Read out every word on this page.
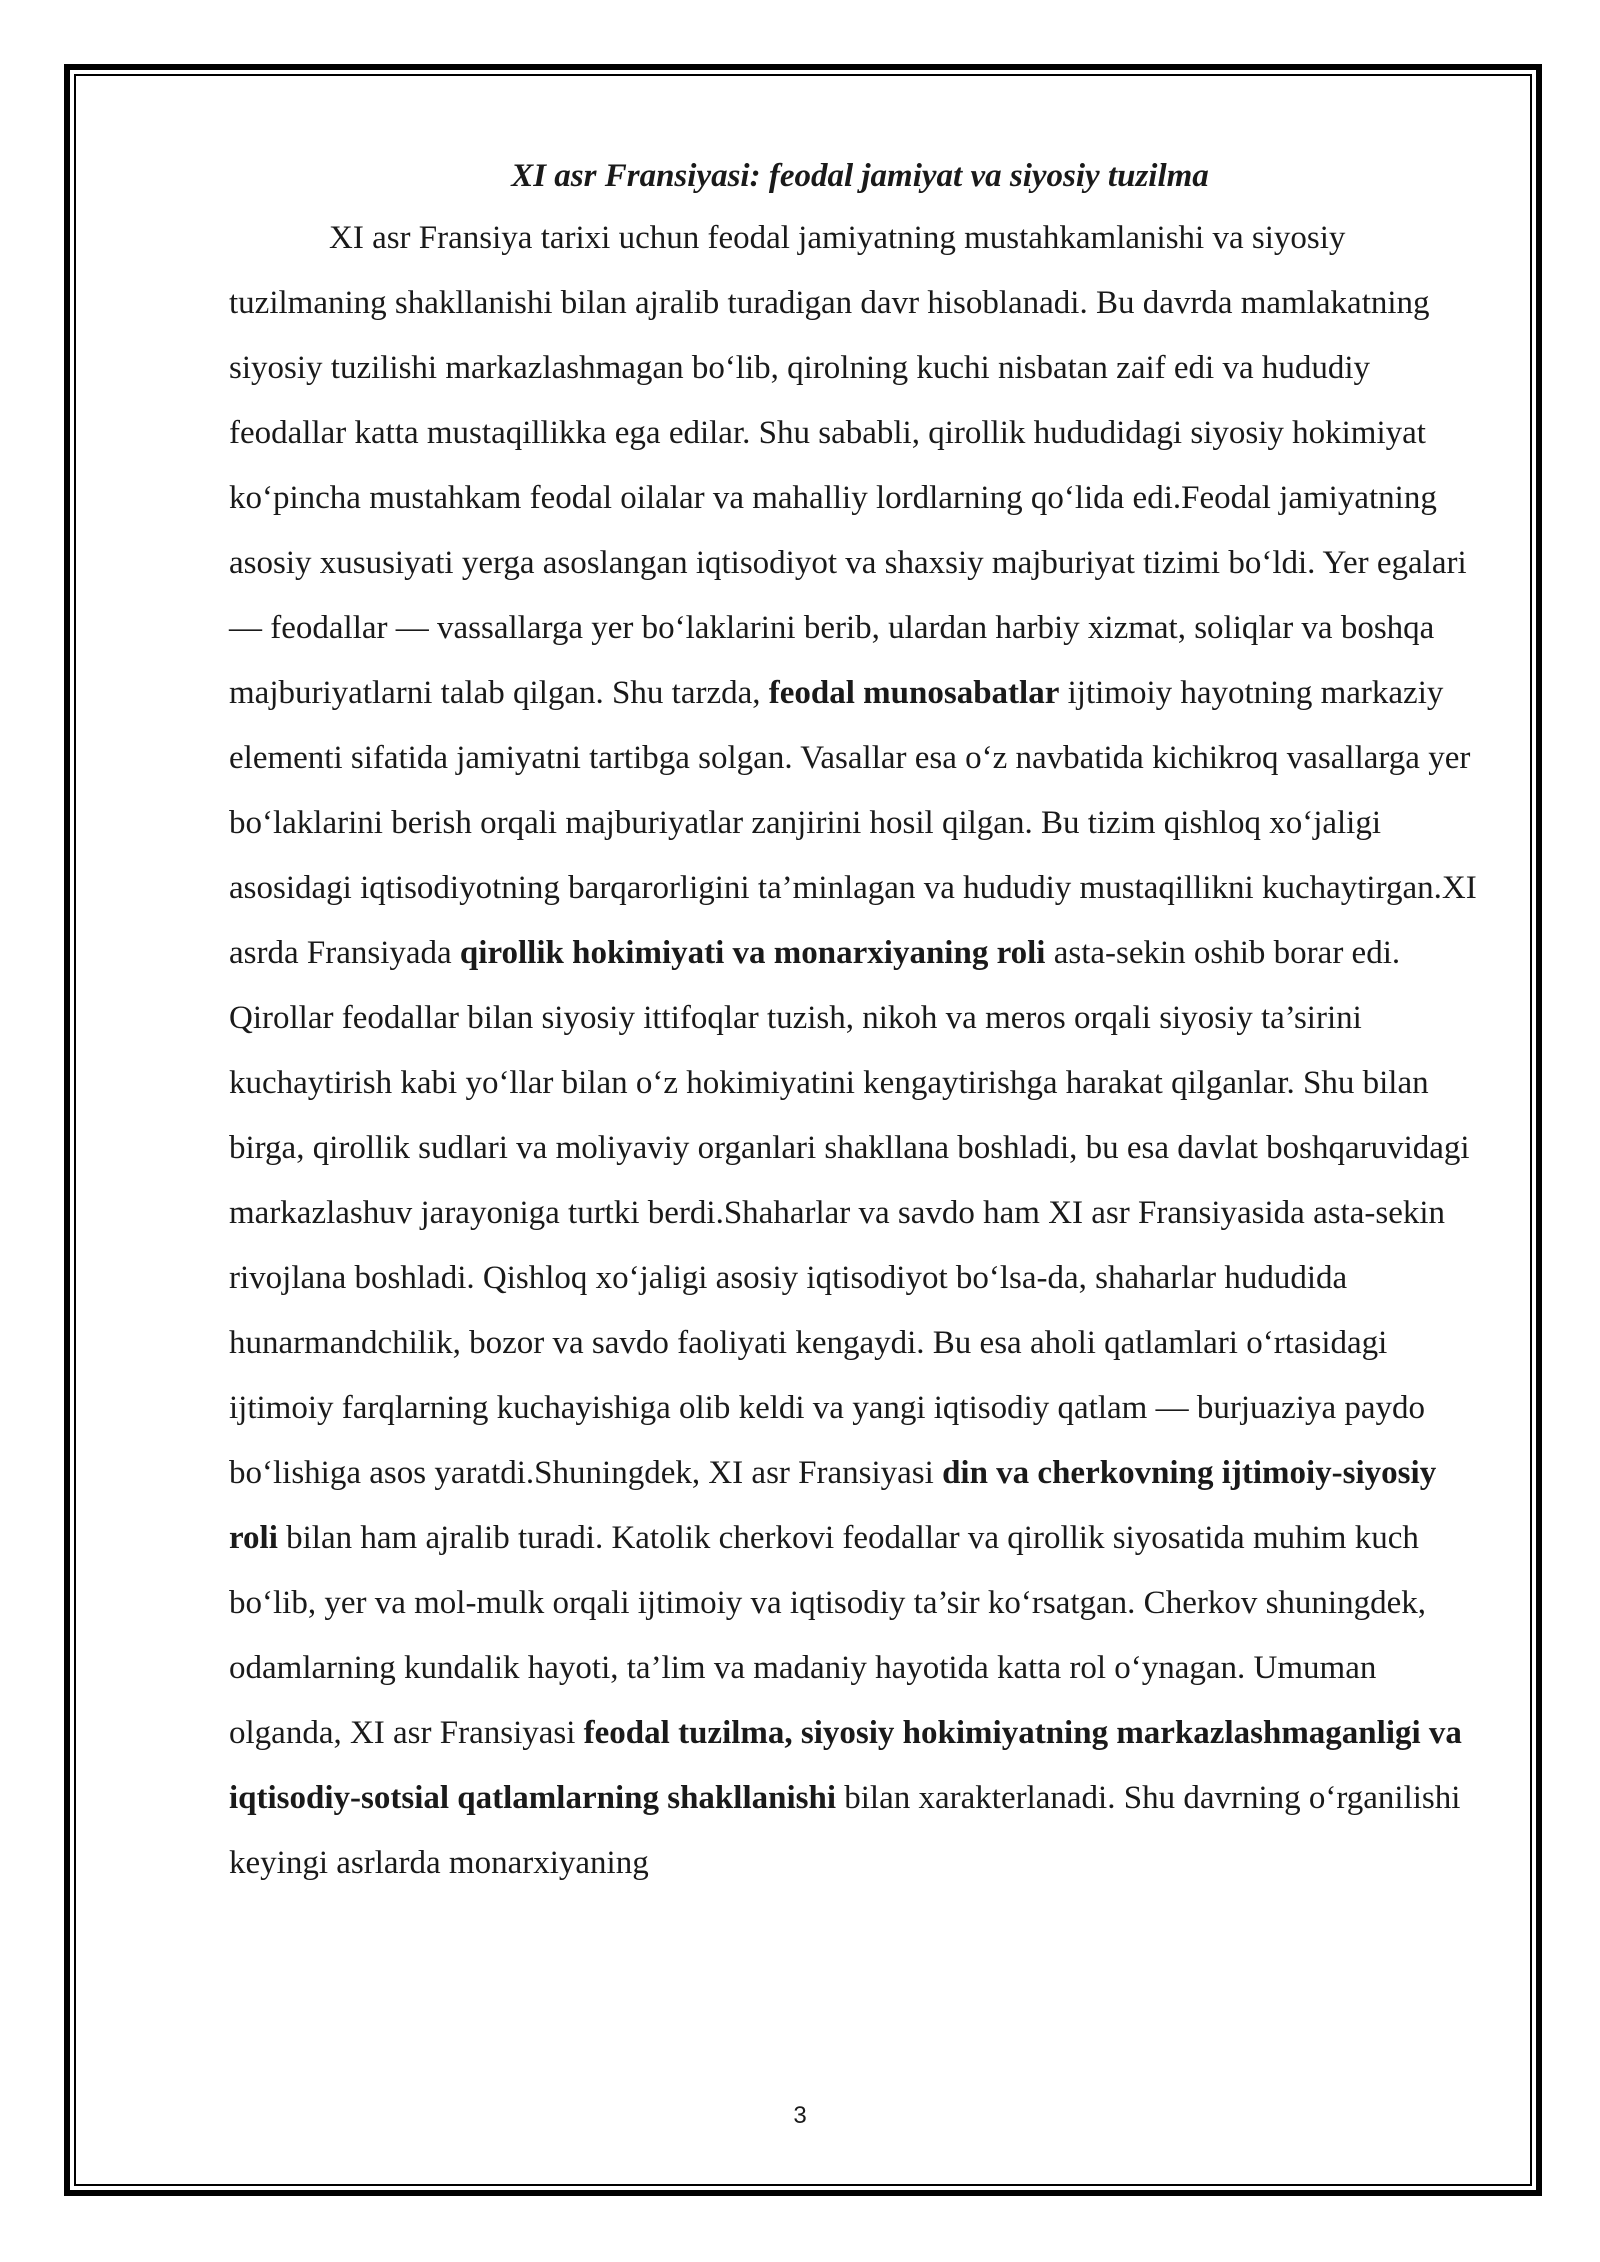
XI asr Fransiyasi: feodal jamiyat va siyosiy tuzilma

XI asr Fransiya tarixi uchun feodal jamiyatning mustahkamlanishi va siyosiy tuzilmaning shakllanishi bilan ajralib turadigan davr hisoblanadi. Bu davrda mamlakatning siyosiy tuzilishi markazlashmagan bo‘lib, qirolning kuchi nisbatan zaif edi va hududiy feodallar katta mustaqillikka ega edilar. Shu sababli, qirollik hududidagi siyosiy hokimiyat ko‘pincha mustahkam feodal oilalar va mahalliy lordlarning qo‘lida edi.Feodal jamiyatning asosiy xususiyati yerga asoslangan iqtisodiyot va shaxsiy majburiyat tizimi bo‘ldi. Yer egalari — feodallar — vassallarga yer bo‘laklarini berib, ulardan harbiy xizmat, soliqlar va boshqa majburiyatlarni talab qilgan. Shu tarzda, feodal munosabatlar ijtimoiy hayotning markaziy elementi sifatida jamiyatni tartibga solgan. Vasallar esa o‘z navbatida kichikroq vasallarga yer bo‘laklarini berish orqali majburiyatlar zanjirini hosil qilgan. Bu tizim qishloq xo‘jaligi asosidagi iqtisodiyotning barqarorligini ta’minlagan va hududiy mustaqillikni kuchaytirgan.XI asrda Fransiyada qirollik hokimiyati va monarxiyaning roli asta-sekin oshib borar edi. Qirollar feodallar bilan siyosiy ittifoqlar tuzish, nikoh va meros orqali siyosiy ta’sirini kuchaytirish kabi yo‘llar bilan o‘z hokimiyatini kengaytirishga harakat qilganlar. Shu bilan birga, qirollik sudlari va moliyaviy organlari shakllana boshladi, bu esa davlat boshqaruvidagi markazlashuv jarayoniga turtki berdi.Shaharlar va savdo ham XI asr Fransiyasida asta-sekin rivojlana boshladi. Qishloq xo‘jaligi asosiy iqtisodiyot bo‘lsa-da, shaharlar hududida hunarmandchilik, bozor va savdo faoliyati kengaydi. Bu esa aholi qatlamlari o‘rtasidagi ijtimoiy farqlarning kuchayishiga olib keldi va yangi iqtisodiy qatlam — burjuaziya paydo bo‘lishiga asos yaratdi.Shuningdek, XI asr Fransiyasi din va cherkovning ijtimoiy-siyosiy roli bilan ham ajralib turadi. Katolik cherkovi feodallar va qirollik siyosatida muhim kuch bo‘lib, yer va mol-mulk orqali ijtimoiy va iqtisodiy ta’sir ko‘rsatgan. Cherkov shuningdek, odamlarning kundalik hayoti, ta’lim va madaniy hayotida katta rol o‘ynagan. Umuman olganda, XI asr Fransiyasi feodal tuzilma, siyosiy hokimiyatning markazlashmaganligi va iqtisodiy-sotsial qatlamlarning shakllanishi bilan xarakterlanadi. Shu davrning o‘rganilishi keyingi asrlarda monarxiyaning

3
